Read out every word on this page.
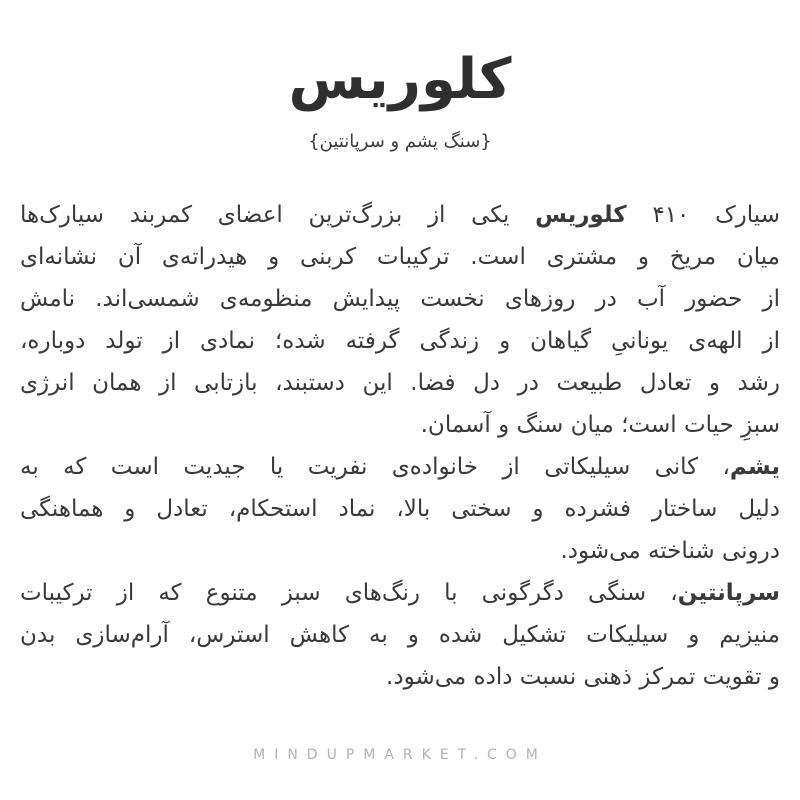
کلوریس
{سنگ یشم و سرپانتین}
سیارک ۴۱۰ کلوریس یکی از بزرگ‌ترین اعضای کمربند سیارک‌ها
میان مریخ و مشتری است. ترکیبات کربنی و هیدراته‌ی آن نشانه‌ای
از حضور آب در روزهای نخست پیدایش منظومه‌ی شمسی‌اند. نامش
از الهه‌ی یونانیِ گیاهان و زندگی گرفته شده؛ نمادی از تولد دوباره،
رشد و تعادل طبیعت در دل فضا. این دستبند، بازتابی از همان انرژی
سبزِ حیات است؛ میان سنگ و آسمان.
یشم، کانی سیلیکاتی از خانواده‌ی نفریت یا جیدیت است که به
دلیل ساختار فشرده و سختی بالا، نماد استحکام، تعادل و هماهنگی
درونی شناخته می‌شود.
سرپانتین، سنگی دگرگونی با رنگ‌های سبز متنوع که از ترکیبات
منیزیم و سیلیکات تشکیل شده و به کاهش استرس، آرام‌سازی بدن
و تقویت تمرکز ذهنی نسبت داده می‌شود.
MINDUPMARKET.COM
